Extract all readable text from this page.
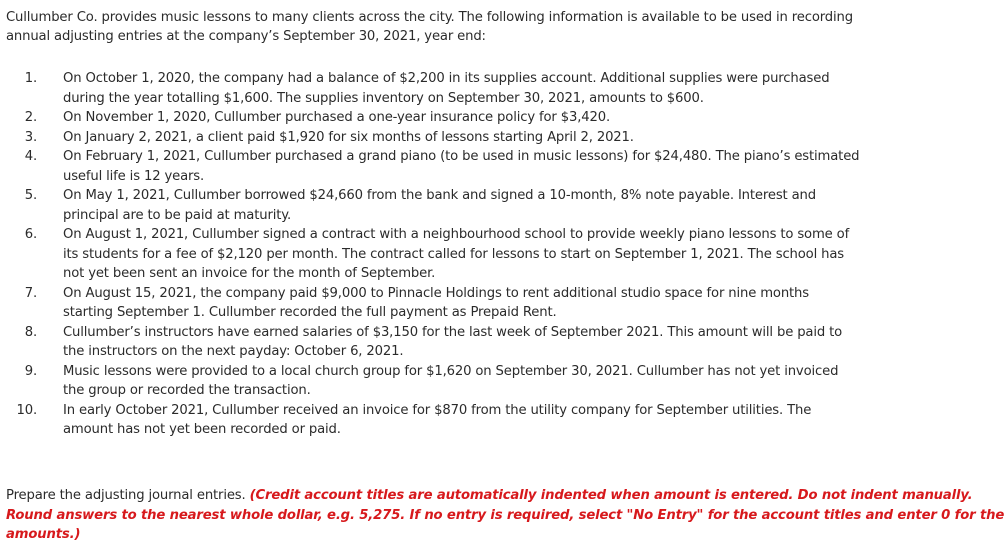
Cullumber Co. provides music lessons to many clients across the city. The following information is available to be used in recording
annual adjusting entries at the company’s September 30, 2021, year end:
1. On October 1, 2020, the company had a balance of $2,200 in its supplies account. Additional supplies were purchased
during the year totalling $1,600. The supplies inventory on September 30, 2021, amounts to $600.
2. On November 1, 2020, Cullumber purchased a one-year insurance policy for $3,420.
3. On January 2, 2021, a client paid $1,920 for six months of lessons starting April 2, 2021.
4. On February 1, 2021, Cullumber purchased a grand piano (to be used in music lessons) for $24,480. The piano’s estimated
useful life is 12 years.
5. On May 1, 2021, Cullumber borrowed $24,660 from the bank and signed a 10-month, 8% note payable. Interest and
principal are to be paid at maturity.
6. On August 1, 2021, Cullumber signed a contract with a neighbourhood school to provide weekly piano lessons to some of
its students for a fee of $2,120 per month. The contract called for lessons to start on September 1, 2021. The school has
not yet been sent an invoice for the month of September.
7. On August 15, 2021, the company paid $9,000 to Pinnacle Holdings to rent additional studio space for nine months
starting September 1. Cullumber recorded the full payment as Prepaid Rent.
8. Cullumber’s instructors have earned salaries of $3,150 for the last week of September 2021. This amount will be paid to
the instructors on the next payday: October 6, 2021.
9. Music lessons were provided to a local church group for $1,620 on September 30, 2021. Cullumber has not yet invoiced
the group or recorded the transaction.
10. In early October 2021, Cullumber received an invoice for $870 from the utility company for September utilities. The
amount has not yet been recorded or paid.
Prepare the adjusting journal entries. (Credit account titles are automatically indented when amount is entered. Do not indent manually.
Round answers to the nearest whole dollar, e.g. 5,275. If no entry is required, select "No Entry" for the account titles and enter 0 for the
amounts.)
